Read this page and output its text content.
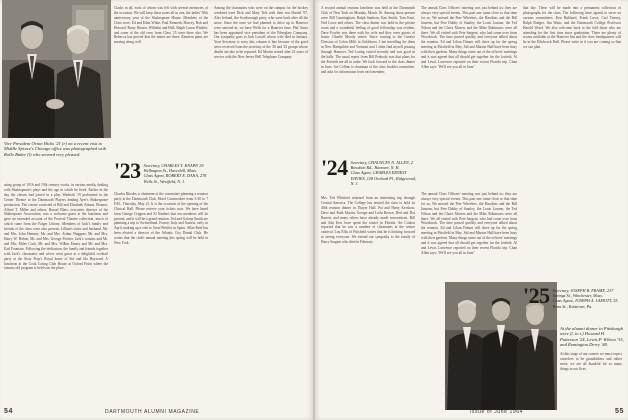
Vice President Orton Hicks '21 (r) on a recent visit to Middle Spruce's Chicago office was photographed with Rollo Baker (l) who seemed very pleased.

using group of 1916 and 19th century works, in various media, dealing with Shakespeare's plays and the age in which he lived. Earlier in the day the classes had joined in a play. Warboth '19 performed in the Center Theatre to the Dartmouth Players dealing Ayer's Shakespeare production. The coterie consisted of Bill and Elizabeth Adams, Eleanor, Alfred T. Miller and others. Russel Blais, executive director of the Shakespeare Association, was a welcome guest at the luncheon and gave an extended account of the Festival Theatre collection, much of which came from the Folger Library. Members of Jack's family and friends of the class were also present: Lillian's sister and husband, Mr. and Mrs. John Henney; Mr. and Mrs. Arthur Waggner, Mr. and Mrs. Harry W. Hoben, Mr. and Mrs. George Fischer, Jack's cousins and Mr. and Mrs. Miles Cook, Mr. and Mrs. Wilbur Emery and Mr. and Mrs. Earl Fountain. Following the dedication, the family and friends together with Jack's classmates and wives went guest at a delightful cocktail party at the Sixty Prop's Royal home of Sid and Ida Hayward. A luncheon at the Cook Coting Club House at Oxford Point where the famous old program is held was the place.

Clarks in all, each of whom was left with several memories of the occasion. We will keep these notes all in one, the ladies' 50th anniversary year of the Shakespeare House. Members of the Class were: Ed and Edna White, Paul Kenneth, Harvey, Bob and Howard, Rusty Hauser, Wilhelm and Hall, Ralph Caron Winkler, and some of the old crew from Class '15 were there also. We Rebecca has proved that the mines are there. Reunion plans are moving along well.

'23 Secretary, CHARLES T. KNAPP, 29 Wellington St., Haverhill, Mass.
Class Agent, ROBERT E. DANA, 278 Wells St., Westfield, N. J.

Charles Rhodes is chairman of the committee planning a reunion party at the Dartmouth Club, Hotel Commodore from 5:30 to 7 P.M., Thursday, May 21. It is the occasion of the opening of the Clinical Hall. Please reserve your tickets now. We have heard from George Crippen and Al Nanbert that our members will be present, and it will be a grand reunion. Ted and Golane Smith are planning a trip to Switzerland, France, Italy and Austria, early in April, making up a visit to Gene Pfeiffer in Spain. Allan Reid has been elected a director of the Atlantic City Dental Club. He writes that the club's annual meeting this spring will be held in New York.

Among the classmates who were on the campus for the hockey weekend were Dick and Mary Tole with their son Harold '67, Alex Ireland, the Scarborough party, who were back after all the snow. Since the ones we had planned to drive up to Hanover were snowed in, we have Wells for a Hanover time. Phil Ames has been appointed vice president of the Fiberglass Company. Our sympathy goes to Jack Lowell whose wife died in January. Your Secretary is sorry this column is late because of the good news received from the secretary of the '20 and '23 groups whose deaths are due to be reported. Ed Martin retired after 41 years of service with the New Jersey Bell Telephone Company.

54	DARTMOUTH ALUMNI MAGAZINE

A second annual reunion luncheon was held at the Dartmouth Club of New York on Monday, March 16. Among those present were Bill Cunningham, Ralph Sanborn, Ken Smith, Tom Kent, Ned Lowe and others. The class dinner was held in the private room and a wonderful feeling of good fellowship was evident. Dave Fowler was there with his wife and they were guests of honor. Charlie Moody writes: Since coming to the Greater Division of Colon Mills in Goldsboro, I am travelling for them in New Hampshire and Vermont and I often find myself passing through Hanover. Ted Loring visited recently and was good in the halls. The usual report from Bill Peabody was that plans for the Fortieth are all in order. We look forward to the class dinner in June. Joe Collins is chairman of the class booklet committee, and asks for information from each member.

The annual Class Officers' meeting was just behind us; they are always very special events. This past one came close to that time for us. We missed the Pete Wheelers, the Hawkins and the Bill Jansens, but Pete Dabby of Stanley, the Louis Lozano, the Ted Nilson and the Claire Mosers and the Mike Robinsons were all there. We all visited with Pete Sargent, who had come over from Woodstock. The time passed quickly and everyone talked about the reunion. Ed and Lilian Dimon will drive up for the spring meeting in Pittsfield in May. Sid and Marion Hall have been busy with their gardens. Many things come out of the officers' meetings and it was agreed that all should get together for the fortieth. Al and Lewis Lawrence reported on their recent Florida trip. Chan Allen says: 'We'll see you all in June.'

that day. These will be made into a permanent collection of photographs for the class. The following have agreed to serve on various committees: Ken Hubbard, Frank Lowe, Carl Tenney, Ralph Rodger, Jim Watts, and the Dartmouth College Professor Harold Wood. We also welcome back to the fold those who are attending for the first time since graduation. There are plenty of rooms available at the Hanover Inn and the class headquarters will be in the Hitchcock Hall. Please write in if you are coming so that we can plan.

'24 Secretary, CHAUNCEY N. ALLEN, 2 Bowdoin Rd., Hanover, N. H.
Class Agent, CHARLES ERNEST DAVIES, 128 Orchard Pl., Ridgewood, N. J.

Mrs. Ted Whitford returned from an interesting trip through Central America. The College has invited the class to hold its 40th reunion dinner in Thayer Hall. Pat and Harry Kershaw, Dave and Ruth Martin, George and Leila Brown, Red and Dot Barrett, and many others have already made reservations. Bill and Ada Kerr have spent the winter in Florida. Art Conlon reported that he saw a number of classmates at the winter carnival. Lou Ellis of Pittsfield writes that he is looking forward to seeing everyone. We extend our sympathy to the family of Harry Sargent who died in February.

The annual Class Officers' meeting was just behind us; they are always very special events. This past one came close to that time for us. We missed the Pete Wheelers, the Hawkins and the Bill Jansens, but Pete Dabby of Stanley, the Louis Lozano, the Ted Nilson and the Claire Mosers and the Mike Robinsons were all there. We all visited with Pete Sargent, who had come over from Woodstock. The time passed quickly and everyone talked about the reunion. Ed and Lilian Dimon will drive up for the spring meeting in Pittsfield in May. Sid and Marion Hall have been busy with their gardens. Many things come out of the officers' meetings and it was agreed that all should get together for the fortieth. Al and Lewis Lawrence reported on their recent Florida trip. Chan Allen says: 'We'll see you all in June.'

At the alumni dinner in Pittsburgh were (l. to r.) Howard H. Patterson '24, Lewis P. Wilson '35, and Remington Derry '48.
'25 Secretary, JOSEPH B. FRAME, 237 Springs St., Winchester, Mass.
Class Agent, JOSEPH A. LAMOTT, 55 Penn St., Kutztown, Pa.

At this stage of our careers we must expect ourselves to be grandfathers and rather more, we are all thankful for so many things in our lives.

Issue of June 1964	55
